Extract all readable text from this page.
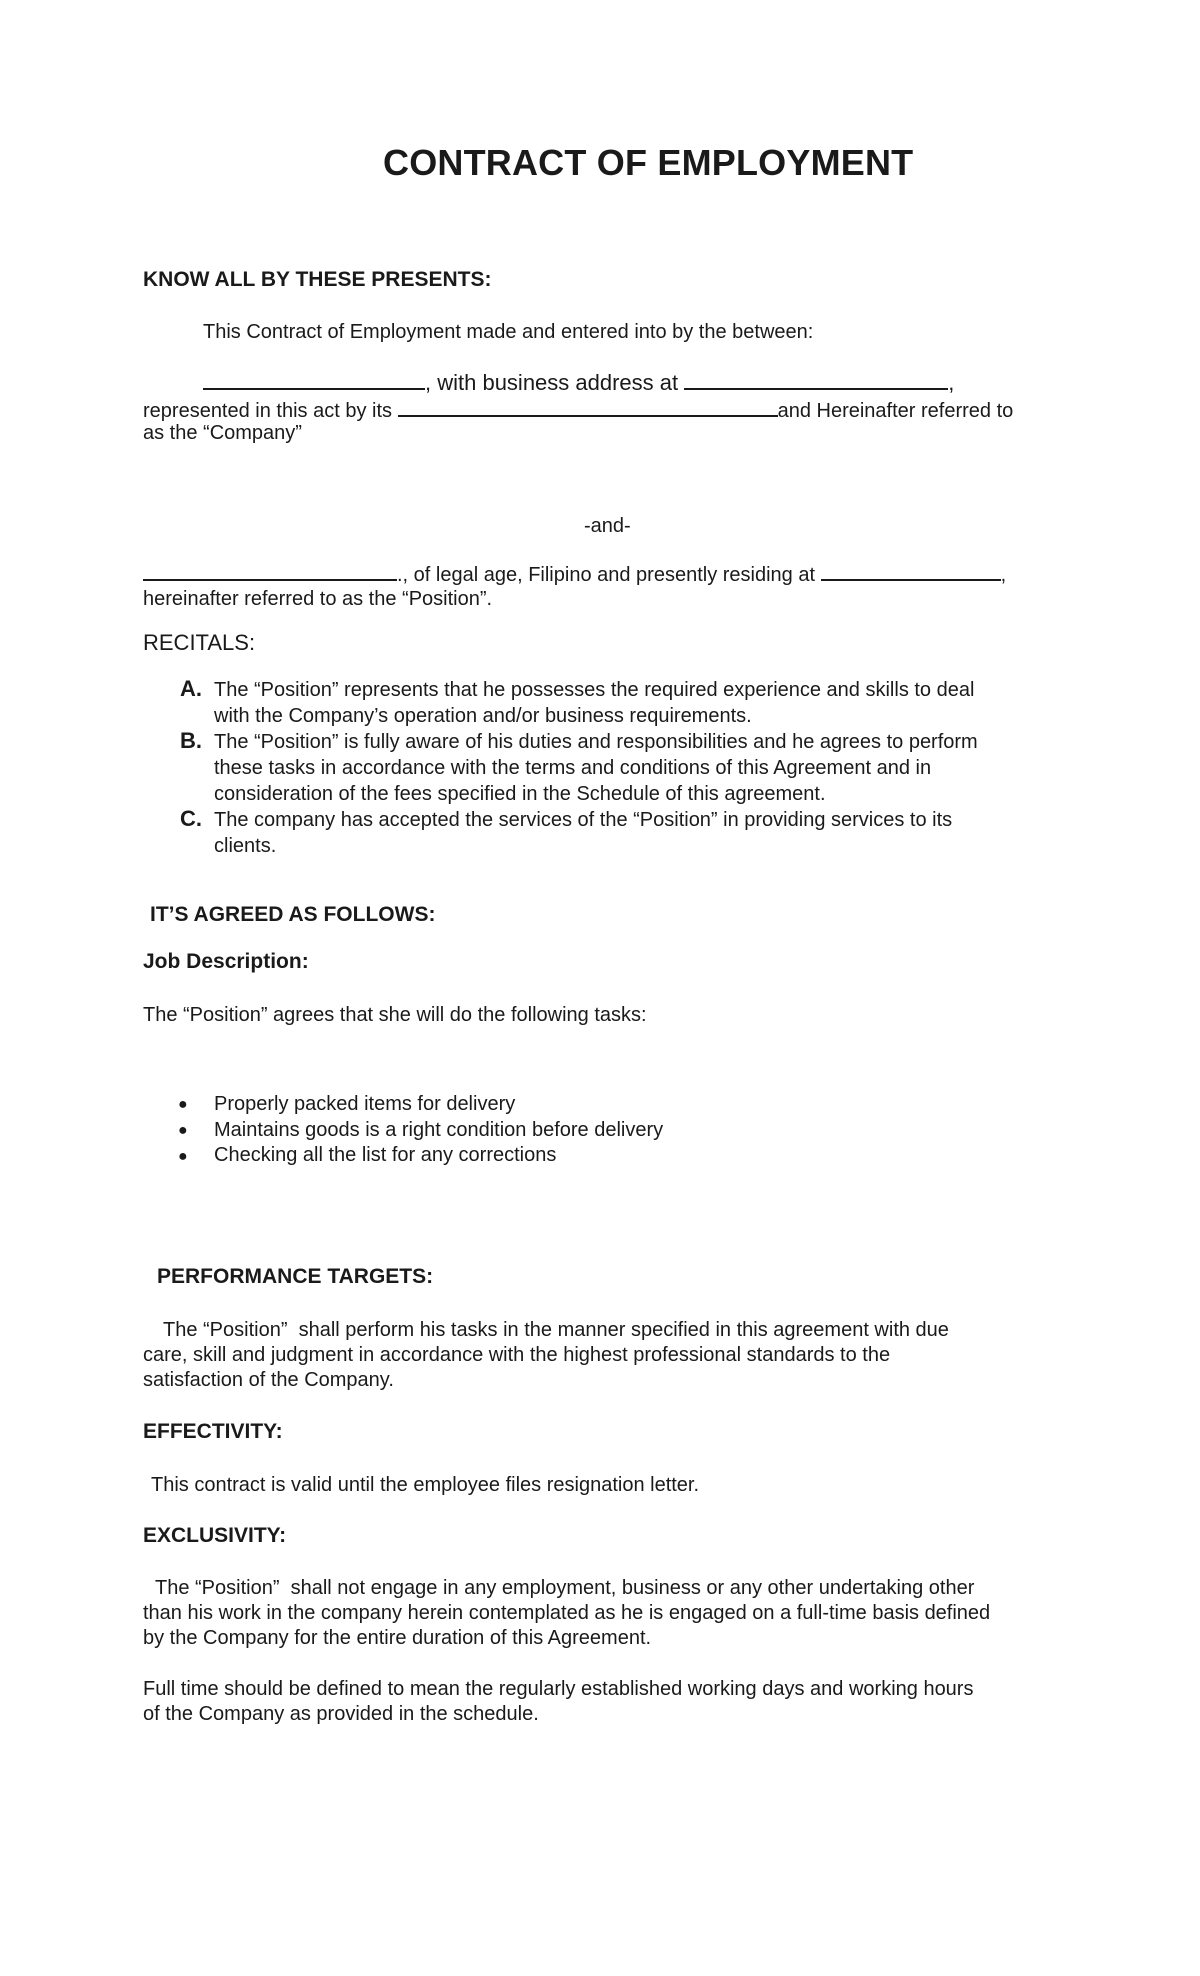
CONTRACT OF EMPLOYMENT
KNOW ALL BY THESE PRESENTS:
This Contract of Employment made and entered into by the between:
, with business address at	,
represented in this act by its	and Hereinafter referred to
as the “Company”
-and-
., of legal age, Filipino and presently residing at	,
hereinafter referred to as the “Position”.
RECITALS:
A. The “Position” represents that he possesses the required experience and skills to deal
with the Company’s operation and/or business requirements.
B. The “Position” is fully aware of his duties and responsibilities and he agrees to perform
these tasks in accordance with the terms and conditions of this Agreement and in
consideration of the fees specified in the Schedule of this agreement.
C. The company has accepted the services of the “Position” in providing services to its
clients.
IT’S AGREED AS FOLLOWS:
Job Description:
The “Position” agrees that she will do the following tasks:
● Properly packed items for delivery
● Maintains goods is a right condition before delivery
● Checking all the list for any corrections
PERFORMANCE TARGETS:
The “Position”  shall perform his tasks in the manner specified in this agreement with due
care, skill and judgment in accordance with the highest professional standards to the
satisfaction of the Company.
EFFECTIVITY:
This contract is valid until the employee files resignation letter.
EXCLUSIVITY:
The “Position”  shall not engage in any employment, business or any other undertaking other
than his work in the company herein contemplated as he is engaged on a full-time basis defined
by the Company for the entire duration of this Agreement.
Full time should be defined to mean the regularly established working days and working hours
of the Company as provided in the schedule.
